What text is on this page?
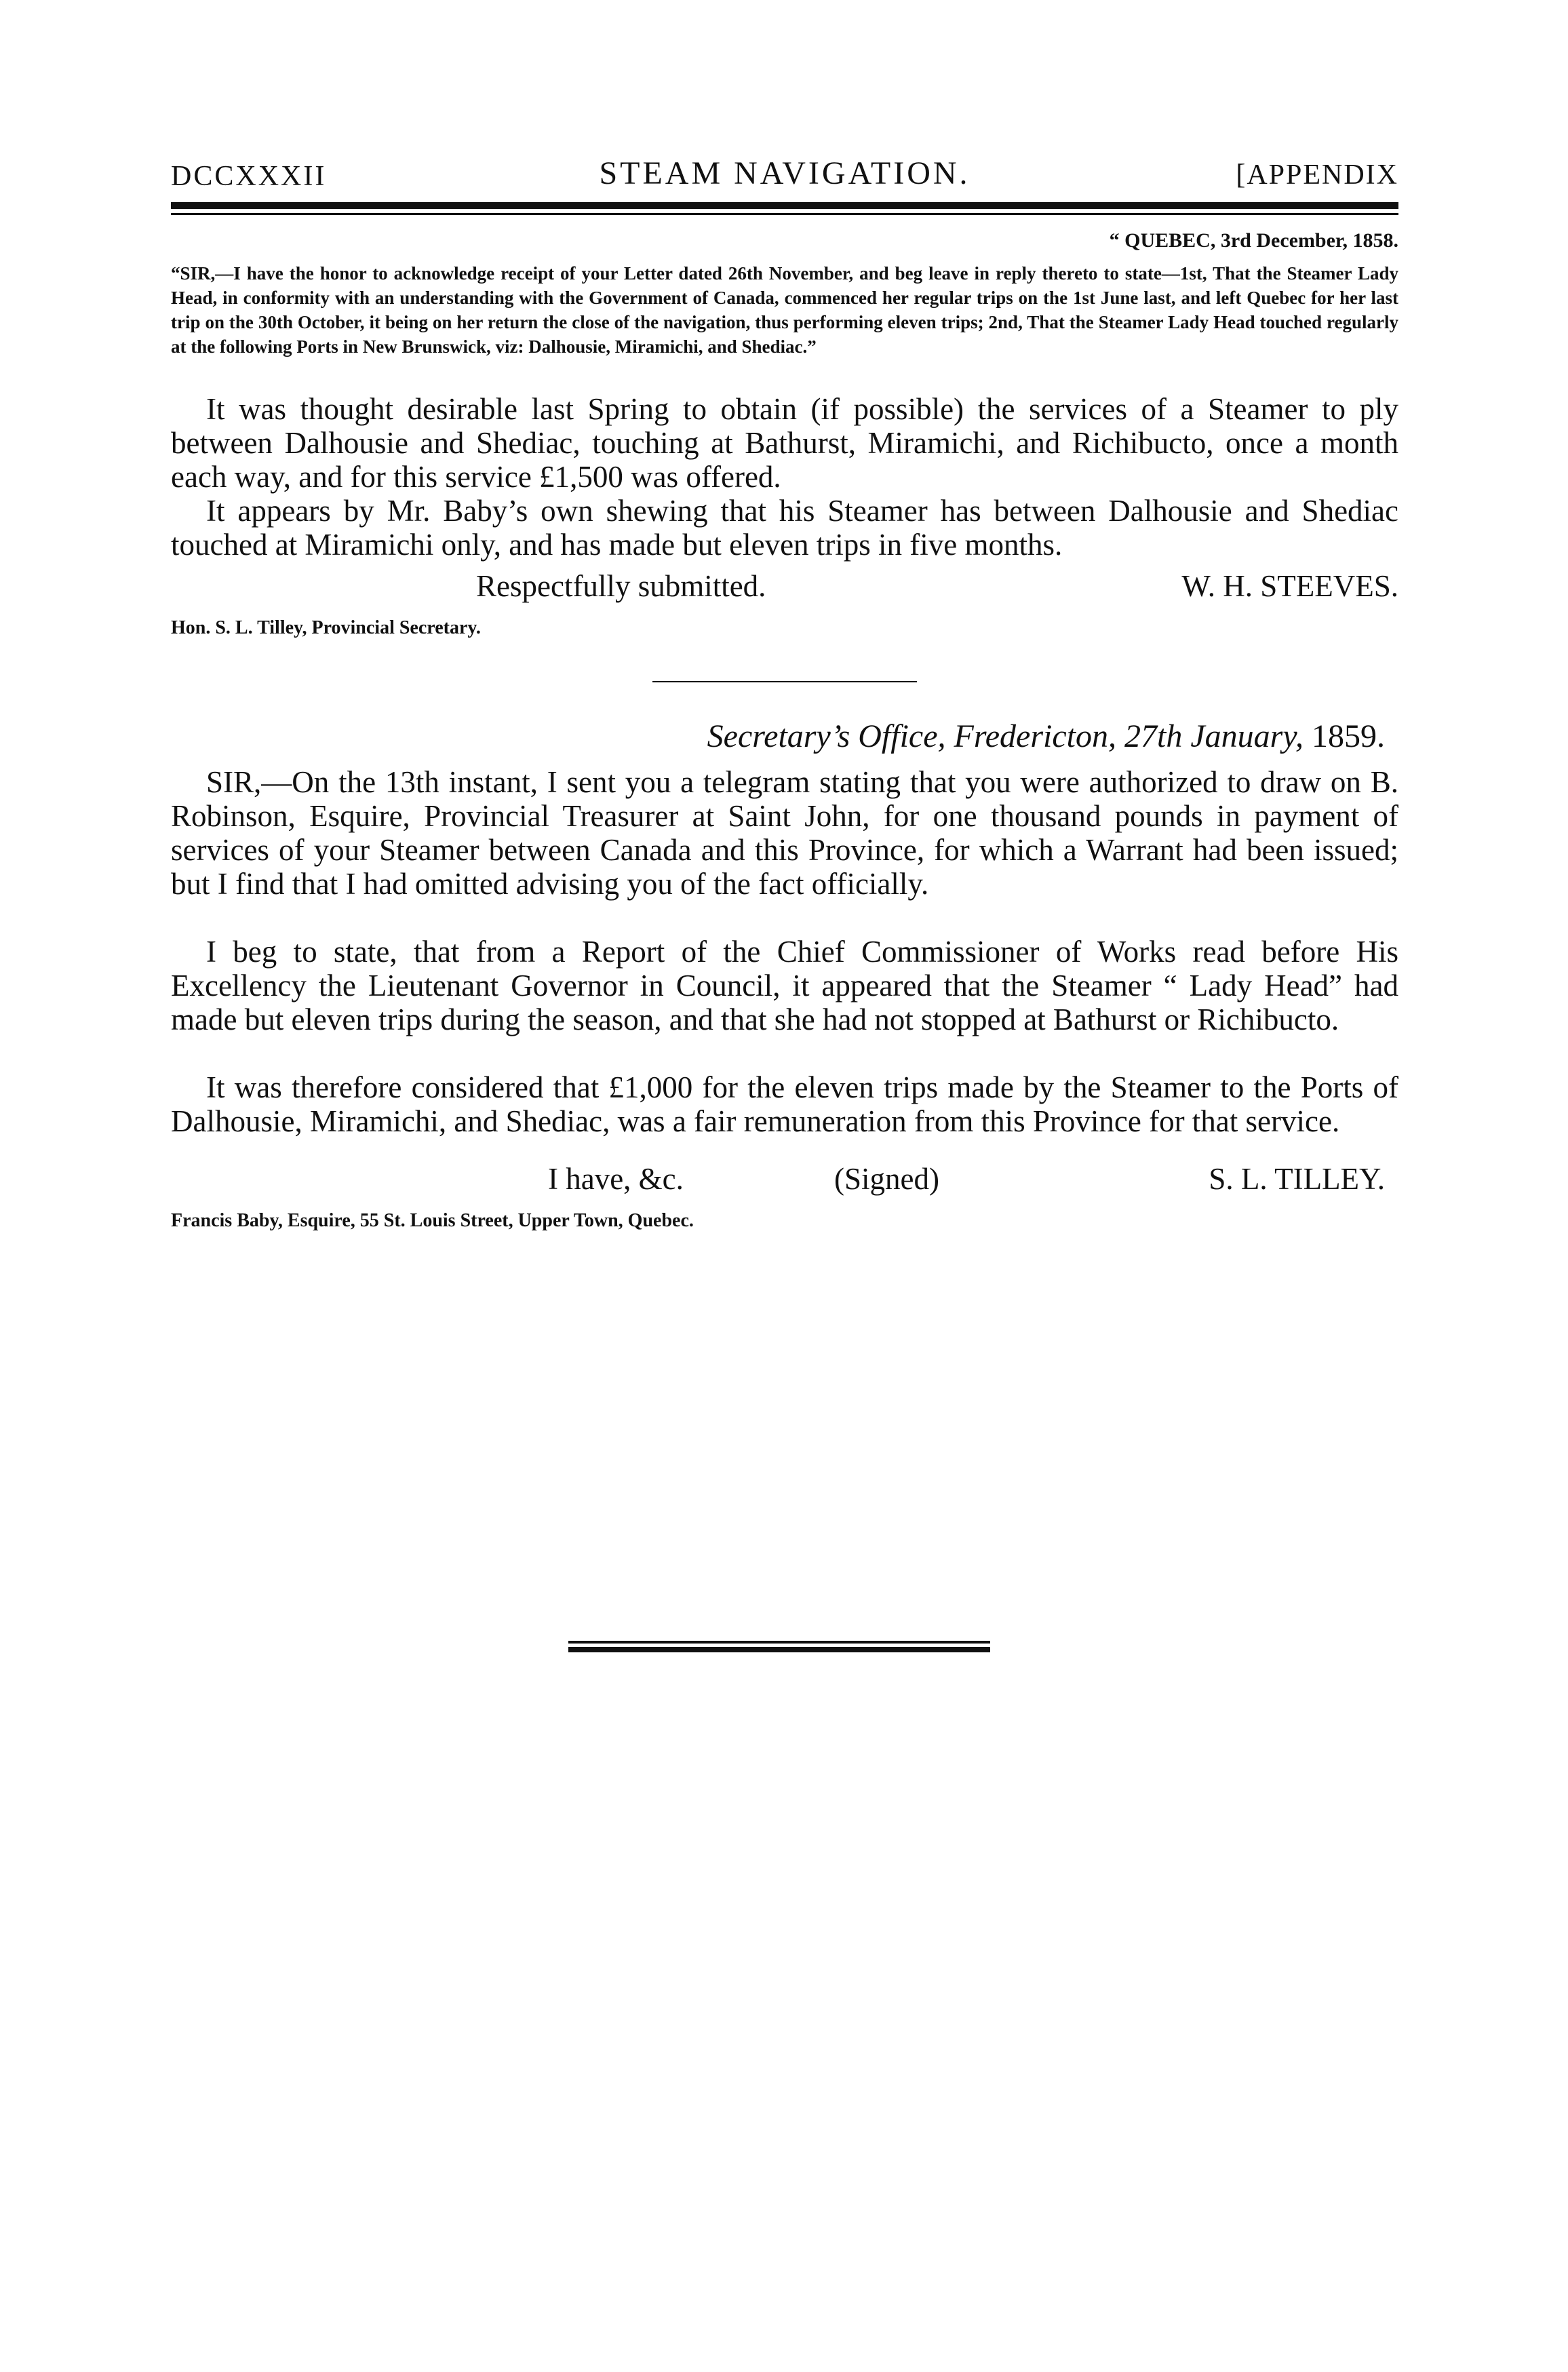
DCCXXXII	STEAM NAVIGATION.	[APPENDIX
“ QUEBEC, 3rd December, 1858.
“SIR,—I have the honor to acknowledge receipt of your Letter dated 26th November, and beg leave in reply thereto to state—1st, That the Steamer Lady Head, in conformity with an understanding with the Government of Canada, commenced her regular trips on the 1st June last, and left Quebec for her last trip on the 30th October, it being on her return the close of the navigation, thus performing eleven trips; 2nd, That the Steamer Lady Head touched regularly at the following Ports in New Brunswick, viz: Dalhousie, Miramichi, and Shediac.”
It was thought desirable last Spring to obtain (if possible) the services of a Steamer to ply between Dalhousie and Shediac, touching at Bathurst, Miramichi, and Richibucto, once a month each way, and for this service £1,500 was offered.
It appears by Mr. Baby’s own shewing that his Steamer has between Dalhousie and Shediac touched at Miramichi only, and has made but eleven trips in five months.
Respectfully submitted.	W. H. STEEVES.
Hon. S. L. Tilley, Provincial Secretary.
Secretary’s Office, Fredericton, 27th January, 1859.
SIR,—On the 13th instant, I sent you a telegram stating that you were authorized to draw on B. Robinson, Esquire, Provincial Treasurer at Saint John, for one thousand pounds in payment of services of your Steamer between Canada and this Province, for which a Warrant had been issued; but I find that I had omitted advising you of the fact officially.
I beg to state, that from a Report of the Chief Commissioner of Works read before His Excellency the Lieutenant Governor in Council, it appeared that the Steamer “ Lady Head” had made but eleven trips during the season, and that she had not stopped at Bathurst or Richibucto.
It was therefore considered that £1,000 for the eleven trips made by the Steamer to the Ports of Dalhousie, Miramichi, and Shediac, was a fair remuneration from this Province for that service.
I have, &c.	(Signed)	S. L. TILLEY.
Francis Baby, Esquire, 55 St. Louis Street, Upper Town, Quebec.
